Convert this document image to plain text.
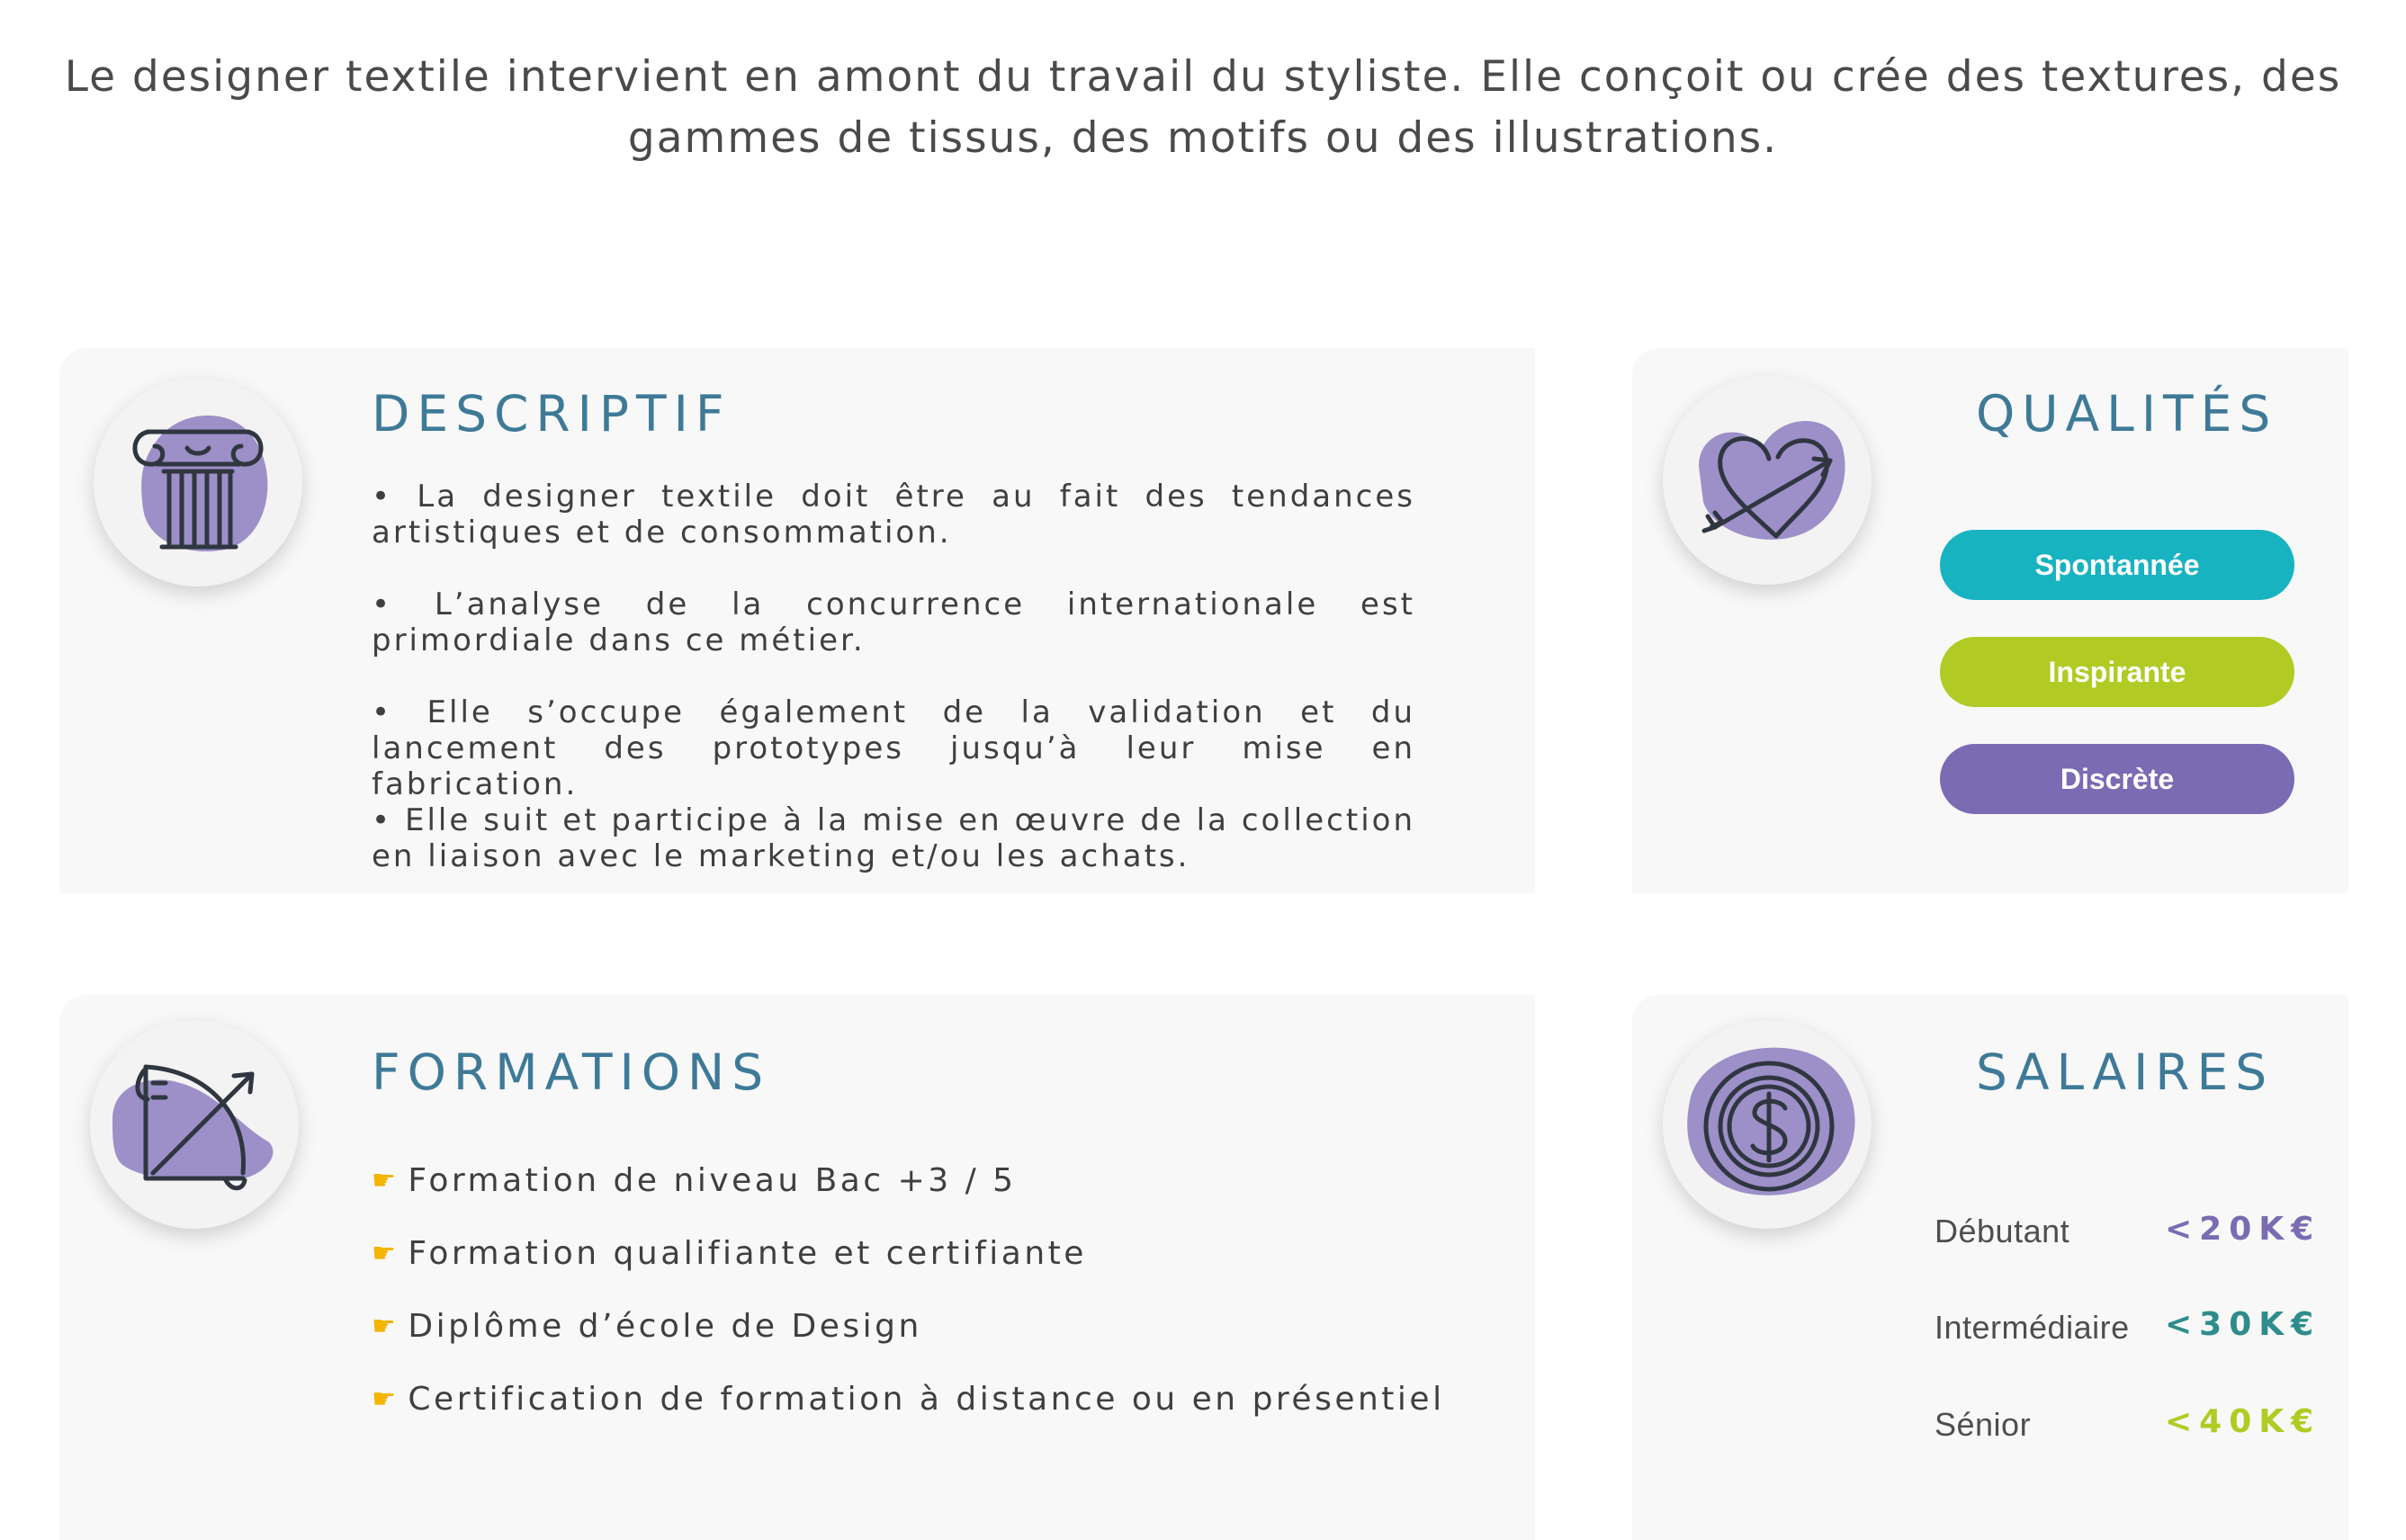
Le designer textile intervient en amont du travail du styliste. Elle conçoit ou crée des textures, des
gammes de tissus, des motifs ou des illustrations.
DESCRIPTIF

• La designer textile doit être au fait des tendances artistiques et de consommation.

• L’analyse de la concurrence internationale est primordiale dans ce métier.

• Elle s’occupe également de la validation et du lancement des prototypes jusqu’à leur mise en fabrication.

• Elle suit et participe à la mise en œuvre de la collection en liaison avec le marketing et/ou les achats.

QUALITÉS
Spontannée
Inspirante
Discrète
FORMATIONS
☛ Formation de niveau Bac +3 / 5
☛ Formation qualifiante et certifiante
☛ Diplôme d’école de Design
☛ Certification de formation à distance ou en présentiel
SALAIRES
Débutant	<20K€
Intermédiaire <30K€
Sénior	<40K€
